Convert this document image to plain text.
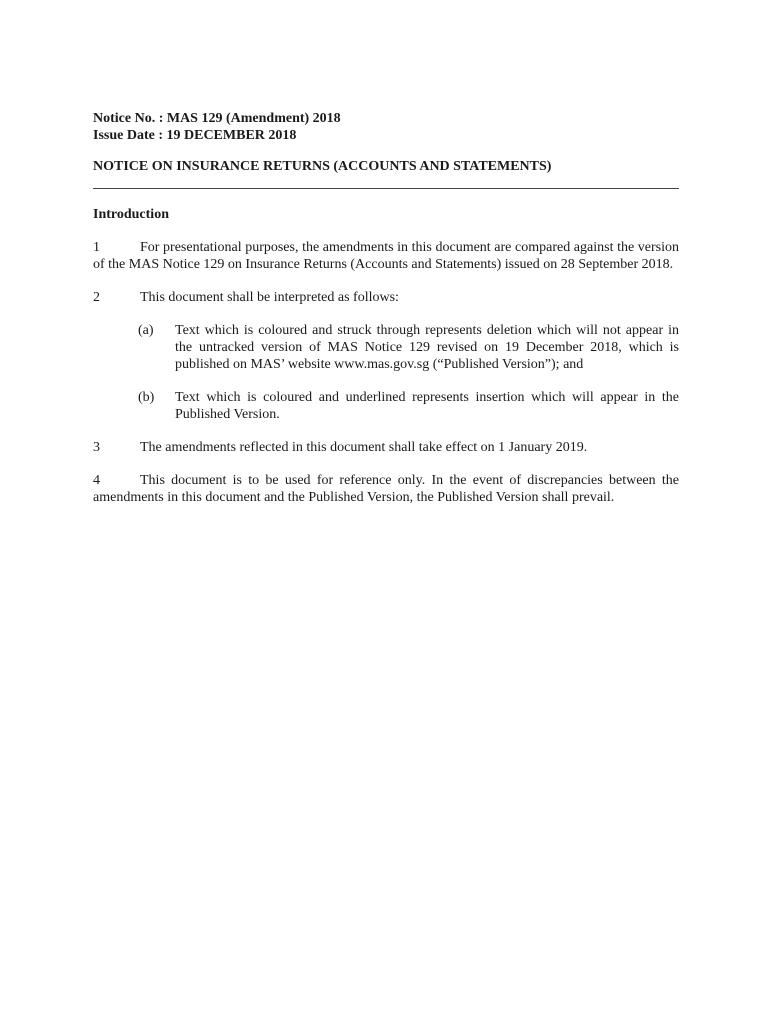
Notice No. : MAS 129 (Amendment) 2018

Issue Date : 19 DECEMBER 2018

NOTICE ON INSURANCE RETURNS (ACCOUNTS AND STATEMENTS)

Introduction

1	For presentational purposes, the amendments in this document are compared against the version of the MAS Notice 129 on Insurance Returns (Accounts and Statements) issued on 28 September 2018.

2	This document shall be interpreted as follows:

(a) Text which is coloured and struck through represents deletion which will not appear in the untracked version of MAS Notice 129 revised on 19 December 2018, which is published on MAS’ website www.mas.gov.sg (“Published Version”); and

(b) Text which is coloured and underlined represents insertion which will appear in the Published Version.

3	The amendments reflected in this document shall take effect on 1 January 2019.

4	This document is to be used for reference only. In the event of discrepancies between the amendments in this document and the Published Version, the Published Version shall prevail.
